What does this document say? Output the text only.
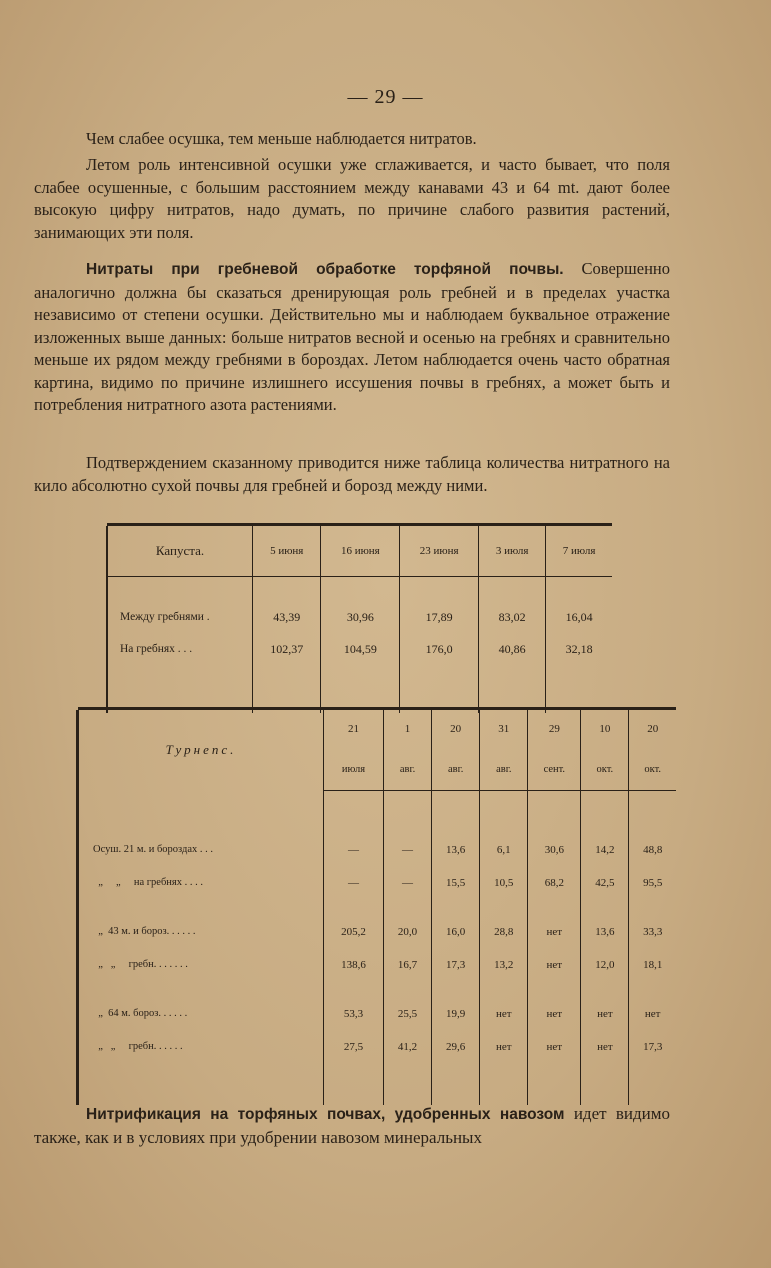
— 29 —
Чем слабее осушка, тем меньше наблюдается нитратов.
Летом роль интенсивной осушки уже сглаживается, и часто бывает, что поля слабее осушенные, с большим расстоянием между канавами 43 и 64 mt. дают более высокую цифру нитратов, надо думать, по причине слабого развития растений, занимающих эти поля.
Нитраты при гребневой обработке торфяной почвы. Совершенно аналогично должна бы сказаться дренирующая роль гребней и в пределах участка независимо от степени осушки. Действительно мы и наблюдаем буквальное отражение изложенных выше данных: больше нитратов весной и осенью на гребнях и сравнительно меньше их рядом между гребнями в бороздах. Летом наблюдается очень часто обратная картина, видимо по причине излишнего иссушения почвы в гребнях, а может быть и потребления нитратного азота растениями.
Подтверждением сказанному приводится ниже таблица количества нитратного на кило абсолютно сухой почвы для гребней и борозд между ними.

Капуста.	5 июня	16 июня	23 июня	3 июля	7 июля

Между гребнями .	43,39	30,96	17,89	83,02	16,04
На гребнях . . .	102,37	104,59	176,0	40,86	32,18

Турнепс.	21	1	20	31	29	10	20
	июля	авг.	авг.	авг.	сент.	окт.	окт.

Осуш. 21 м. и бороздах . . .	—	—	13,6	6,1	30,6	14,2	48,8
„     „     на гребнях . . . .	—	—	15,5	10,5	68,2	42,5	95,5

„  43 м. и бороз. . . . . .	205,2	20,0	16,0	28,8	нет	13,6	33,3
„   „     гребн. . . . . . .	138,6	16,7	17,3	13,2	нет	12,0	18,1

„  64 м. бороз. . . . . .	53,3	25,5	19,9	нет	нет	нет	нет
„   „     гребн. . . . . .	27,5	41,2	29,6	нет	нет	нет	17,3

Нитрификация на торфяных почвах, удобренных навозом идет видимо также, как и в условиях при удобрении навозом минеральных
